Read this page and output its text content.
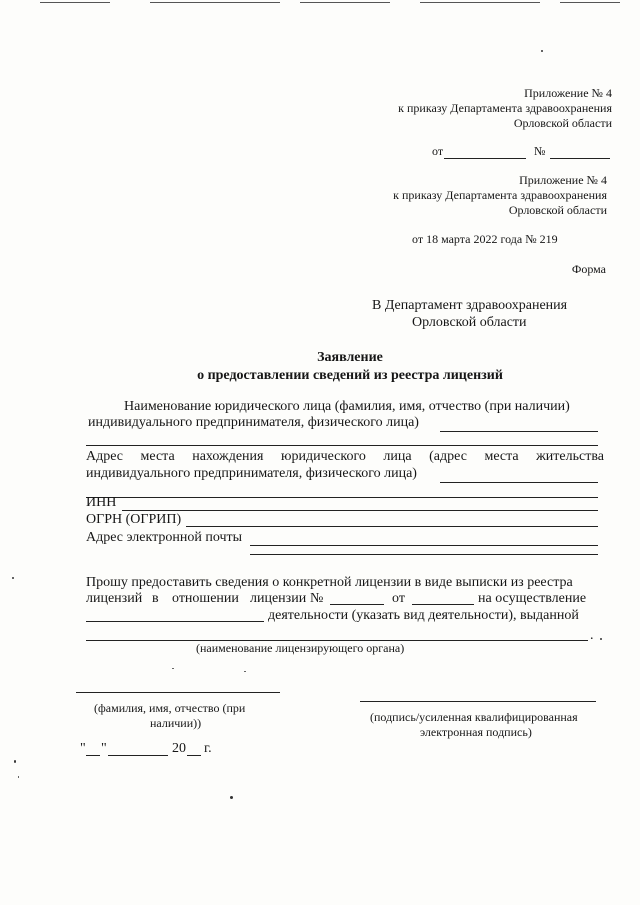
Приложение № 4
к приказу Департамента здравоохранения
Орловской области
от	№
Приложение № 4
к приказу Департамента здравоохранения
Орловской области
от 18 марта 2022 года № 219
Форма
В Департамент здравоохранения
Орловской области
Заявление
о предоставлении сведений из реестра лицензий
Наименование юридического лица (фамилия, имя, отчество (при наличии)
индивидуального предпринимателя, физического лица)
Адрес места нахождения юридического лица (адрес места жительства
индивидуального предпринимателя, физического лица)
ИНН
ОГРН (ОГРИП)
Адрес электронной почты
Прошу предоставить сведения о конкретной лицензии в виде выписки из реестра
лицензий в отношении лицензии №	от	на осуществление
деятельности (указать вид деятельности), выданной
.
(наименование лицензирующего органа)
(фамилия, имя, отчество (при
наличии))	(подпись/усиленная квалифицированная
электронная подпись)
" "	20 г.
